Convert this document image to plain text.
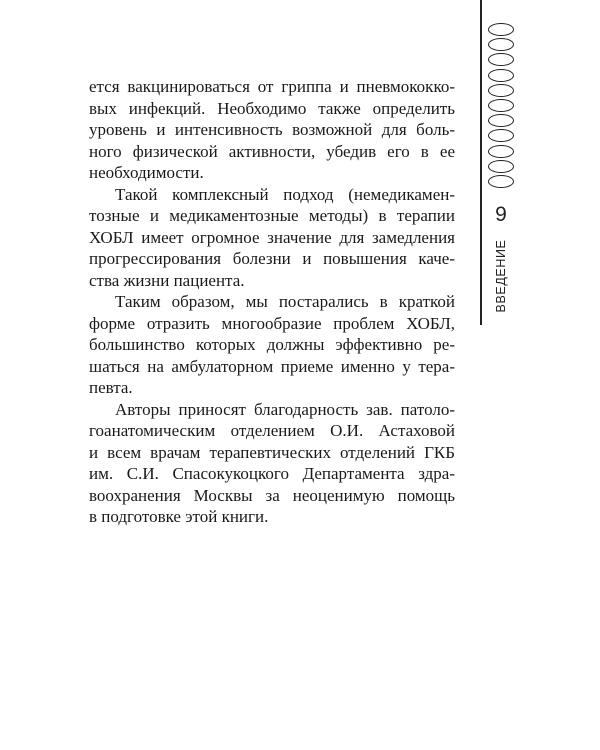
ется вакцинироваться от гриппа и пневмококко-
вых инфекций. Необходимо также определить
уровень и интенсивность возможной для боль-
ного физической активности, убедив его в ее
необходимости.

Такой комплексный подход (немедикамен-
тозные и медикаментозные методы) в терапии
ХОБЛ имеет огромное значение для замедления
прогрессирования болезни и повышения каче-
ства жизни пациента.

Таким образом, мы постарались в краткой
форме отразить многообразие проблем ХОБЛ,
большинство которых должны эффективно ре-
шаться на амбулаторном приеме именно у тера-
певта.

Авторы приносят благодарность зав. патоло-
гоанатомическим отделением О.И. Астаховой
и всем врачам терапевтических отделений ГКБ
им. С.И. Спасокукоцкого Департамента здра-
воохранения Москвы за неоценимую помощь
в подготовке этой книги.

9
ВВЕДЕНИЕ
